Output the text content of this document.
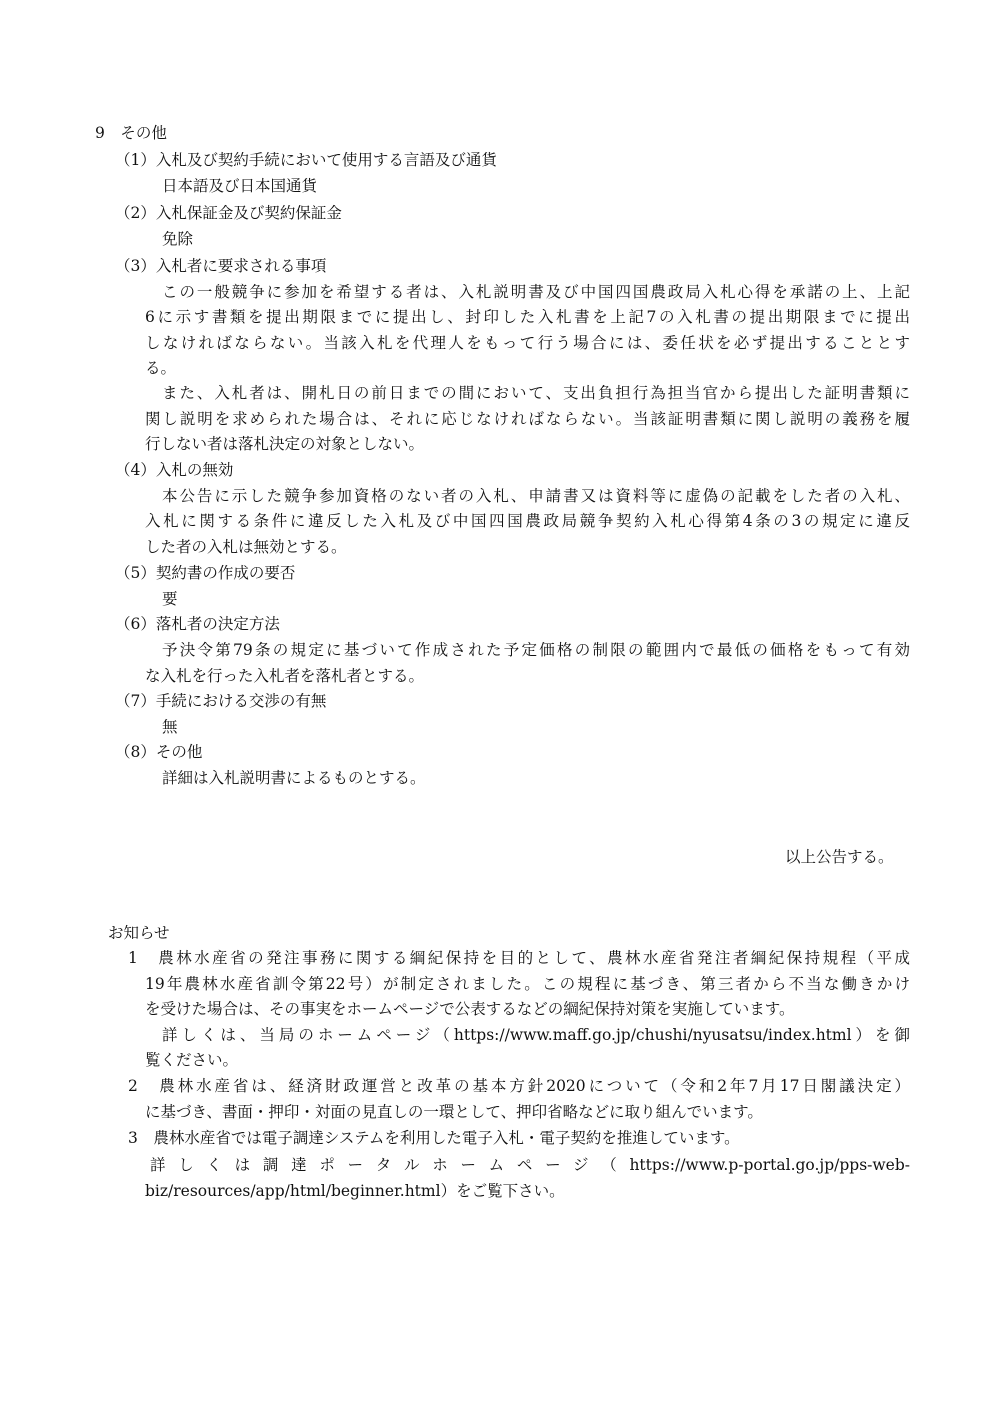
9　その他
（1）入札及び契約手続において使用する言語及び通貨
日本語及び日本国通貨
（2）入札保証金及び契約保証金
免除
（3）入札者に要求される事項
この一般競争に参加を希望する者は、入札説明書及び中国四国農政局入札心得を承諾の上、上記
6に示す書類を提出期限までに提出し、封印した入札書を上記7の入札書の提出期限までに提出
しなければならない。当該入札を代理人をもって行う場合には、委任状を必ず提出することとす
る。
また、入札者は、開札日の前日までの間において、支出負担行為担当官から提出した証明書類に
関し説明を求められた場合は、それに応じなければならない。当該証明書類に関し説明の義務を履
行しない者は落札決定の対象としない。
（4）入札の無効
本公告に示した競争参加資格のない者の入札、申請書又は資料等に虚偽の記載をした者の入札、
入札に関する条件に違反した入札及び中国四国農政局競争契約入札心得第4条の3の規定に違反
した者の入札は無効とする。
（5）契約書の作成の要否
要
（6）落札者の決定方法
予決令第79条の規定に基づいて作成された予定価格の制限の範囲内で最低の価格をもって有効
な入札を行った入札者を落札者とする。
（7）手続における交渉の有無
無
（8）その他
詳細は入札説明書によるものとする。
以上公告する。
お知らせ
1　農林水産省の発注事務に関する綱紀保持を目的として、農林水産省発注者綱紀保持規程（平成
19年農林水産省訓令第22号）が制定されました。この規程に基づき、第三者から不当な働きかけ
を受けた場合は、その事実をホームページで公表するなどの綱紀保持対策を実施しています。
詳しくは、当局のホームページ（https://www.maff.go.jp/chushi/nyusatsu/index.html）を御
覧ください。
2　農林水産省は、経済財政運営と改革の基本方針2020について（令和2年7月17日閣議決定）
に基づき、書面・押印・対面の見直しの一環として、押印省略などに取り組んでいます。
3　農林水産省では電子調達システムを利用した電子入札・電子契約を推進しています。
詳しくは調達ポータルホームページ（https://www.p-portal.go.jp/pps-web-
biz/resources/app/html/beginner.html）をご覧下さい。
